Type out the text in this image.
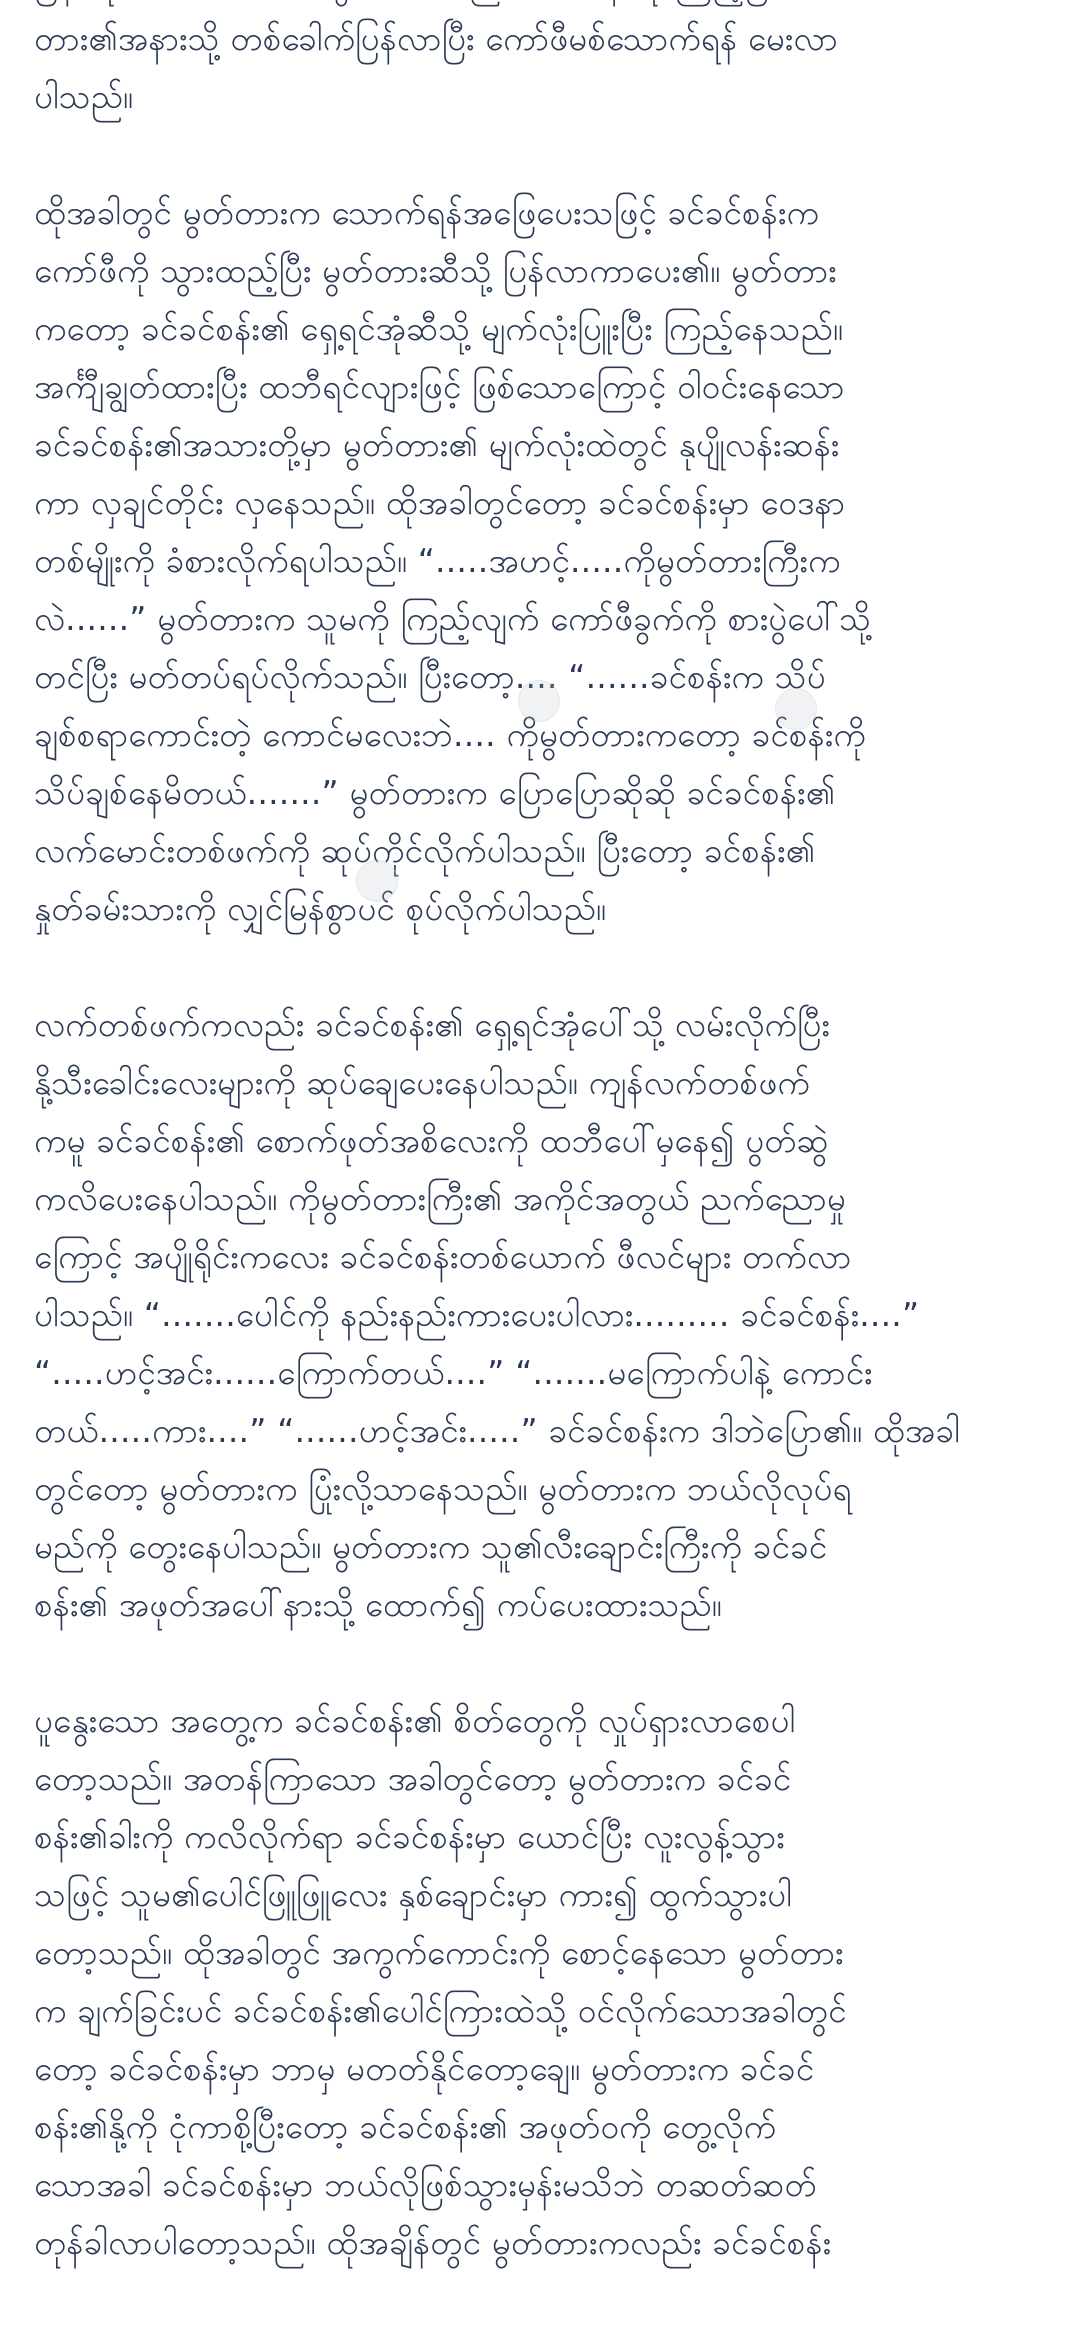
တား၏အနားသို့ တစ်ခေါက်ပြန်လာပြီး ကော်ဖီမစ်သောက်ရန် မေးလာ
ပါသည်။
ထိုအခါတွင် မွတ်တားက သောက်ရန်အဖြေပေးသဖြင့် ခင်ခင်စန်းက
ကော်ဖီကို သွားထည့်ပြီး မွတ်တားဆီသို့ ပြန်လာကာပေး၏။ မွတ်တား
ကတော့ ခင်ခင်စန်း၏ ရှေ့ရင်အုံဆီသို့ မျက်လုံးပြူးပြီး ကြည့်နေသည်။
အင်္ကျီချွတ်ထားပြီး ထဘီရင်လျားဖြင့် ဖြစ်သောကြောင့် ဝါဝင်းနေသော
ခင်ခင်စန်း၏အသားတို့မှာ မွတ်တား၏ မျက်လုံးထဲတွင် နုပျိုလန်းဆန်း
ကာ လှချင်တိုင်း လှနေသည်။ ထိုအခါတွင်တော့ ခင်ခင်စန်းမှာ ဝေဒနာ
တစ်မျိုးကို ခံစားလိုက်ရပါသည်။ “.....အဟင့်.....ကိုမွတ်တားကြီးက
လဲ......” မွတ်တားက သူမကို ကြည့်လျက် ကော်ဖီခွက်ကို စားပွဲပေါ်သို့
တင်ပြီး မတ်တပ်ရပ်လိုက်သည်။ ပြီးတော့.... “......ခင်စန်းက သိပ်
ချစ်စရာကောင်းတဲ့ ကောင်မလေးဘဲ.... ကိုမွတ်တားကတော့ ခင်စန်းကို
သိပ်ချစ်နေမိတယ်.......” မွတ်တားက ပြောပြောဆိုဆို ခင်ခင်စန်း၏
လက်မောင်းတစ်ဖက်ကို ဆုပ်ကိုင်လိုက်ပါသည်။ ပြီးတော့ ခင်စန်း၏
နှုတ်ခမ်းသားကို လျှင်မြန်စွာပင် စုပ်လိုက်ပါသည်။
လက်တစ်ဖက်ကလည်း ခင်ခင်စန်း၏ ရှေ့ရင်အုံပေါ်သို့ လမ်းလိုက်ပြီး
နို့သီးခေါင်းလေးများကို ဆုပ်ချေပေးနေပါသည်။ ကျန်လက်တစ်ဖက်
ကမူ ခင်ခင်စန်း၏ စောက်ဖုတ်အစိလေးကို ထဘီပေါ်မှနေ၍ ပွတ်ဆွဲ
ကလိပေးနေပါသည်။ ကိုမွတ်တားကြီး၏ အကိုင်အတွယ် ညက်ညောမှု
ကြောင့် အပျိုရိုင်းကလေး ခင်ခင်စန်းတစ်ယောက် ဖီလင်များ တက်လာ
ပါသည်။ “.......ပေါင်ကို နည်းနည်းကားပေးပါလား......... ခင်ခင်စန်း....”
“.....ဟင့်အင်း......ကြောက်တယ်....” “.......မကြောက်ပါနဲ့ ကောင်း
တယ်.....ကား....” “......ဟင့်အင်း.....” ခင်ခင်စန်းက ဒါဘဲပြော၏။ ထိုအခါ
တွင်တော့ မွတ်တားက ပြုံးလို့သာနေသည်။ မွတ်တားက ဘယ်လိုလုပ်ရ
မည်ကို တွေးနေပါသည်။ မွတ်တားက သူ၏လီးချောင်းကြီးကို ခင်ခင်
စန်း၏ အဖုတ်အပေါ်နားသို့ ထောက်၍ ကပ်ပေးထားသည်။
ပူနွေးသော အတွေ့က ခင်ခင်စန်း၏ စိတ်တွေကို လှုပ်ရှားလာစေပါ
တော့သည်။ အတန်ကြာသော အခါတွင်တော့ မွတ်တားက ခင်ခင်
စန်း၏ခါးကို ကလိလိုက်ရာ ခင်ခင်စန်းမှာ ယောင်ပြီး လူးလွန့်သွား
သဖြင့် သူမ၏ပေါင်ဖြူဖြူလေး နှစ်ချောင်းမှာ ကား၍ ထွက်သွားပါ
တော့သည်။ ထိုအခါတွင် အကွက်ကောင်းကို စောင့်နေသော မွတ်တား
က ချက်ခြင်းပင် ခင်ခင်စန်း၏ပေါင်ကြားထဲသို့ ဝင်လိုက်သောအခါတွင်
တော့ ခင်ခင်စန်းမှာ ဘာမှ မတတ်နိုင်တော့ချေ။ မွတ်တားက ခင်ခင်
စန်း၏နို့ကို ငုံကာစို့ပြီးတော့ ခင်ခင်စန်း၏ အဖုတ်ဝကို တွေ့လိုက်
သောအခါ ခင်ခင်စန်းမှာ ဘယ်လိုဖြစ်သွားမှန်းမသိဘဲ တဆတ်ဆတ်
တုန်ခါလာပါတော့သည်။ ထိုအချိန်တွင် မွတ်တားကလည်း ခင်ခင်စန်း
